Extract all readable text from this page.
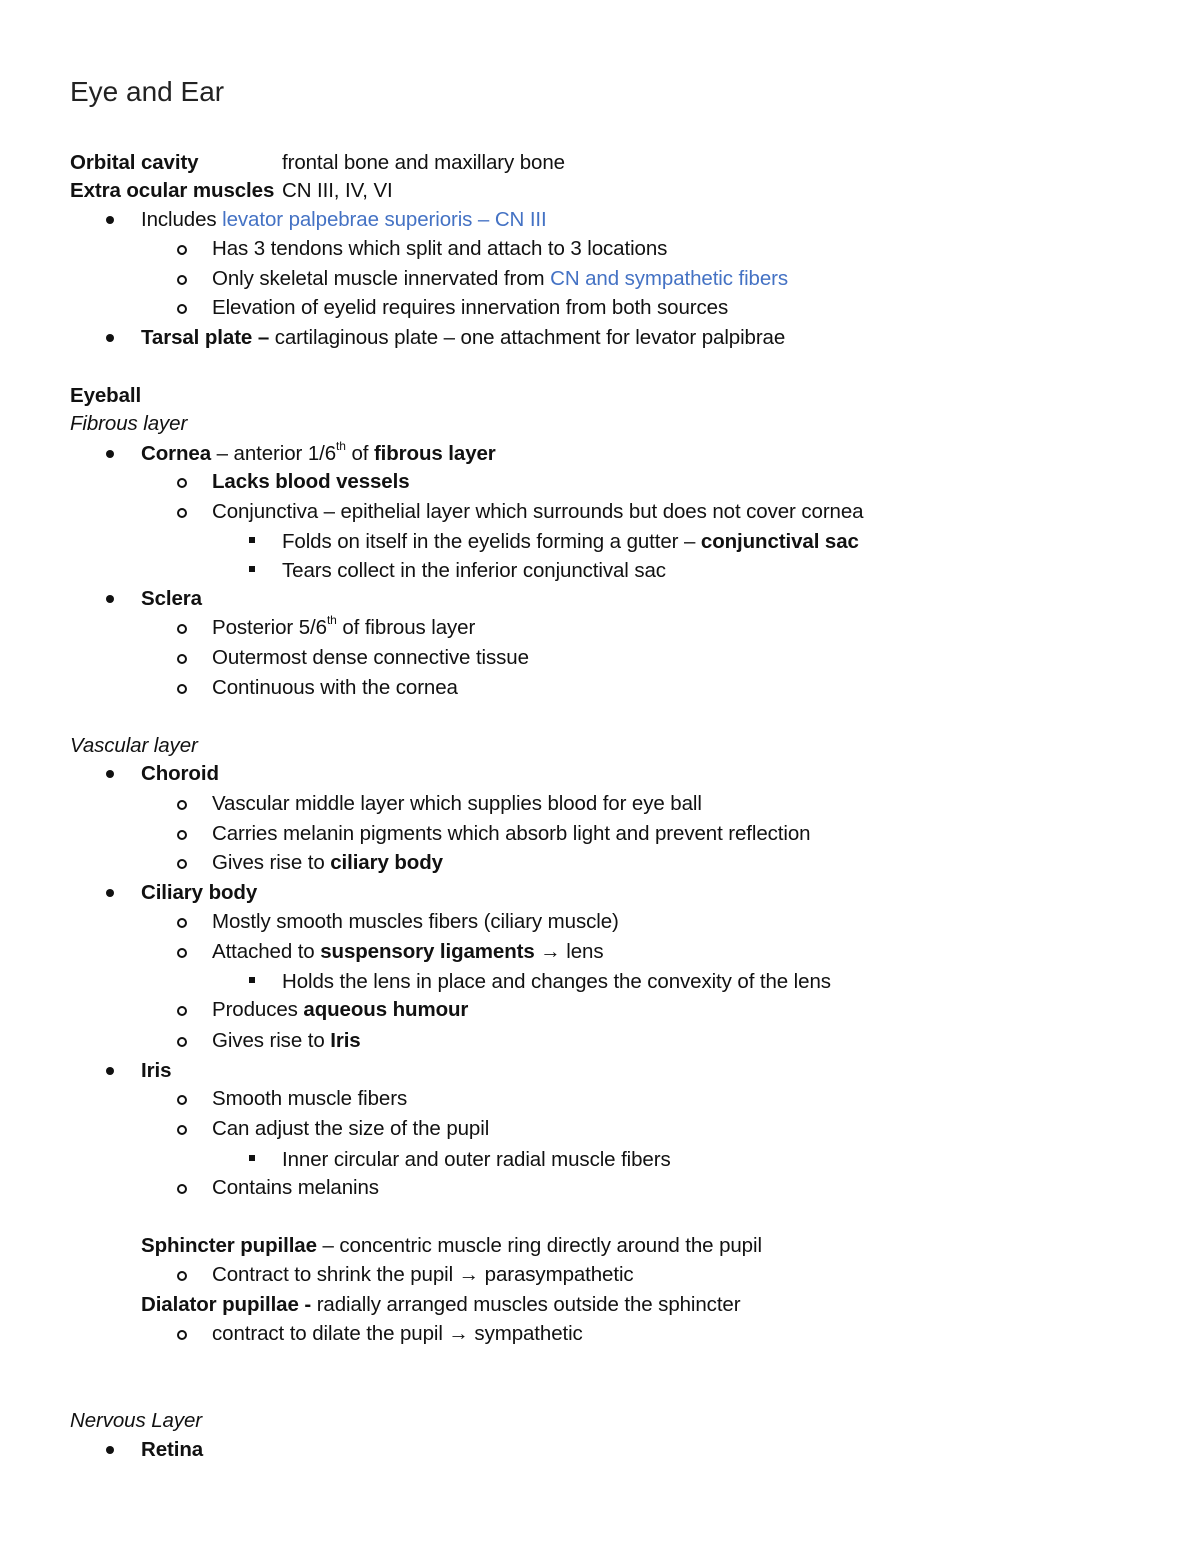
Eye and Ear
Orbital cavity	frontal bone and maxillary bone
Extra ocular muscles CN III, IV, VI
Includes levator palpebrae superioris – CN III
Has 3 tendons which split and attach to 3 locations
Only skeletal muscle innervated from CN and sympathetic fibers
Elevation of eyelid requires innervation from both sources
Tarsal plate – cartilaginous plate – one attachment for levator palpibrae
Eyeball
Fibrous layer
Cornea – anterior 1/6th of fibrous layer
Lacks blood vessels
Conjunctiva – epithelial layer which surrounds but does not cover cornea
Folds on itself in the eyelids forming a gutter – conjunctival sac
Tears collect in the inferior conjunctival sac
Sclera
Posterior 5/6th of fibrous layer
Outermost dense connective tissue
Continuous with the cornea
Vascular layer
Choroid
Vascular middle layer which supplies blood for eye ball
Carries melanin pigments which absorb light and prevent reflection
Gives rise to ciliary body
Ciliary body
Mostly smooth muscles fibers (ciliary muscle)
Attached to suspensory ligaments → lens
Holds the lens in place and changes the convexity of the lens
Produces aqueous humour
Gives rise to Iris
Iris
Smooth muscle fibers
Can adjust the size of the pupil
Inner circular and outer radial muscle fibers
Contains melanins
Sphincter pupillae – concentric muscle ring directly around the pupil
Contract to shrink the pupil → parasympathetic
Dialator pupillae - radially arranged muscles outside the sphincter
contract to dilate the pupil → sympathetic
Nervous Layer
Retina
